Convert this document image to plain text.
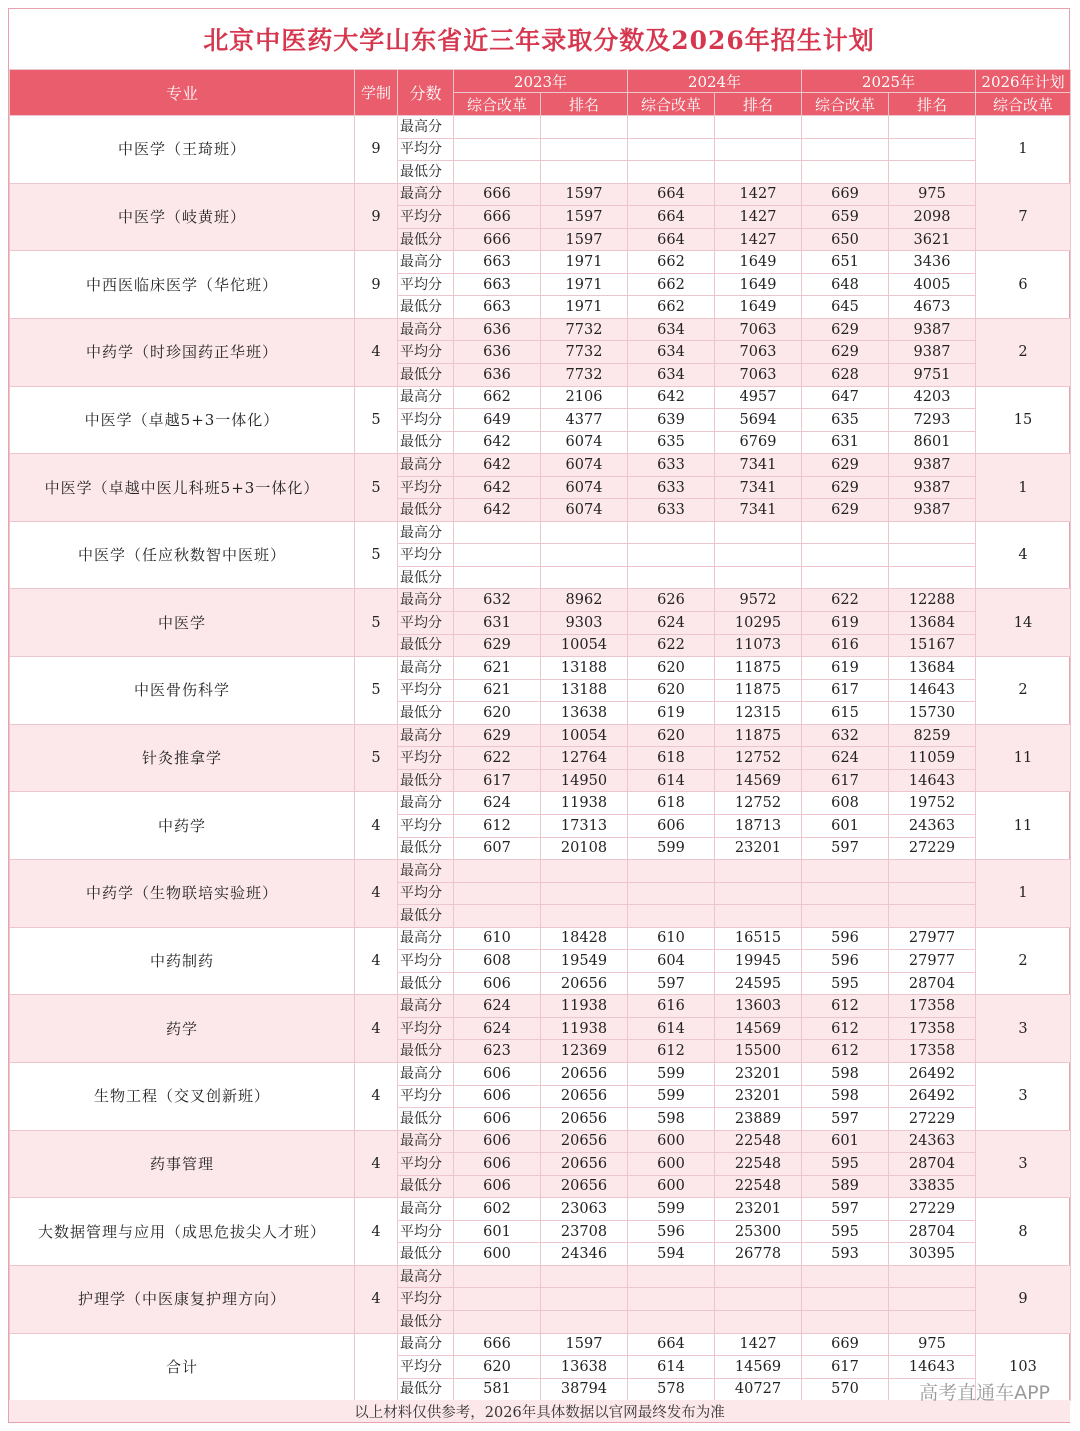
北京中医药大学山东省近三年录取分数及2026年招生计划
专业	学制	分数	2023年		2024年		2025年		2026年计划
			综合改革	排名	综合改革	排名	综合改革	排名	综合改革
中医学（王琦班）	9	最高分							1
		平均分							
		最低分							
中医学（岐黄班）	9	最高分	666	1597	664	1427	669	975	7
		平均分	666	1597	664	1427	659	2098	
		最低分	666	1597	664	1427	650	3621	
中西医临床医学（华佗班）	9	最高分	663	1971	662	1649	651	3436	6
		平均分	663	1971	662	1649	648	4005	
		最低分	663	1971	662	1649	645	4673	
中药学（时珍国药正华班）	4	最高分	636	7732	634	7063	629	9387	2
		平均分	636	7732	634	7063	629	9387	
		最低分	636	7732	634	7063	628	9751	
中医学（卓越5+3一体化）	5	最高分	662	2106	642	4957	647	4203	15
		平均分	649	4377	639	5694	635	7293	
		最低分	642	6074	635	6769	631	8601	
中医学（卓越中医儿科班5+3一体化）	5	最高分	642	6074	633	7341	629	9387	1
		平均分	642	6074	633	7341	629	9387	
		最低分	642	6074	633	7341	629	9387	
中医学（任应秋数智中医班）	5	最高分							4
		平均分							
		最低分							
中医学	5	最高分	632	8962	626	9572	622	12288	14
		平均分	631	9303	624	10295	619	13684	
		最低分	629	10054	622	11073	616	15167	
中医骨伤科学	5	最高分	621	13188	620	11875	619	13684	2
		平均分	621	13188	620	11875	617	14643	
		最低分	620	13638	619	12315	615	15730	
针灸推拿学	5	最高分	629	10054	620	11875	632	8259	11
		平均分	622	12764	618	12752	624	11059	
		最低分	617	14950	614	14569	617	14643	
中药学	4	最高分	624	11938	618	12752	608	19752	11
		平均分	612	17313	606	18713	601	24363	
		最低分	607	20108	599	23201	597	27229	
中药学（生物联培实验班）	4	最高分							1
		平均分							
		最低分							
中药制药	4	最高分	610	18428	610	16515	596	27977	2
		平均分	608	19549	604	19945	596	27977	
		最低分	606	20656	597	24595	595	28704	
药学	4	最高分	624	11938	616	13603	612	17358	3
		平均分	624	11938	614	14569	612	17358	
		最低分	623	12369	612	15500	612	17358	
生物工程（交叉创新班）	4	最高分	606	20656	599	23201	598	26492	3
		平均分	606	20656	599	23201	598	26492	
		最低分	606	20656	598	23889	597	27229	
药事管理	4	最高分	606	20656	600	22548	601	24363	3
		平均分	606	20656	600	22548	595	28704	
		最低分	606	20656	600	22548	589	33835	
大数据管理与应用（成思危拔尖人才班）	4	最高分	602	23063	599	23201	597	27229	8
		平均分	601	23708	596	25300	595	28704	
		最低分	600	24346	594	26778	593	30395	
护理学（中医康复护理方向）	4	最高分							9
		平均分							
		最低分							
合计		最高分	666	1597	664	1427	669	975	103
		平均分	620	13638	614	14569	617	14643	
		最低分	581	38794	578	40727	570		
以上材料仅供参考，2026年具体数据以官网最终发布为准
高考直通车APP
